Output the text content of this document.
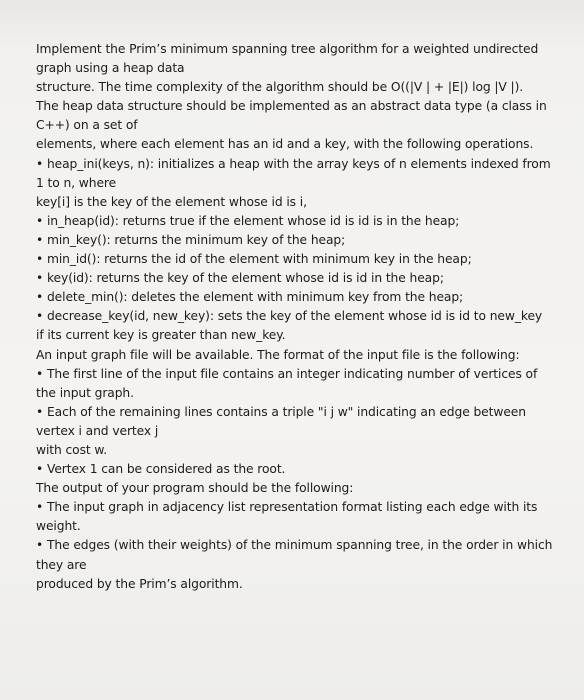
Implement the Prim’s minimum spanning tree algorithm for a weighted undirected
graph using a heap data
structure. The time complexity of the algorithm should be O((|V | + |E|) log |V |).
The heap data structure should be implemented as an abstract data type (a class in
C++) on a set of
elements, where each element has an id and a key, with the following operations.
• heap_ini(keys, n): initializes a heap with the array keys of n elements indexed from
1 to n, where
key[i] is the key of the element whose id is i,
• in_heap(id): returns true if the element whose id is id is in the heap;
• min_key(): returns the minimum key of the heap;
• min_id(): returns the id of the element with minimum key in the heap;
• key(id): returns the key of the element whose id is id in the heap;
• delete_min(): deletes the element with minimum key from the heap;
• decrease_key(id, new_key): sets the key of the element whose id is id to new_key
if its current key is greater than new_key.
An input graph file will be available. The format of the input file is the following:
• The first line of the input file contains an integer indicating number of vertices of
the input graph.
• Each of the remaining lines contains a triple "i j w" indicating an edge between
vertex i and vertex j
with cost w.
• Vertex 1 can be considered as the root.
The output of your program should be the following:
• The input graph in adjacency list representation format listing each edge with its
weight.
• The edges (with their weights) of the minimum spanning tree, in the order in which
they are
produced by the Prim’s algorithm.
